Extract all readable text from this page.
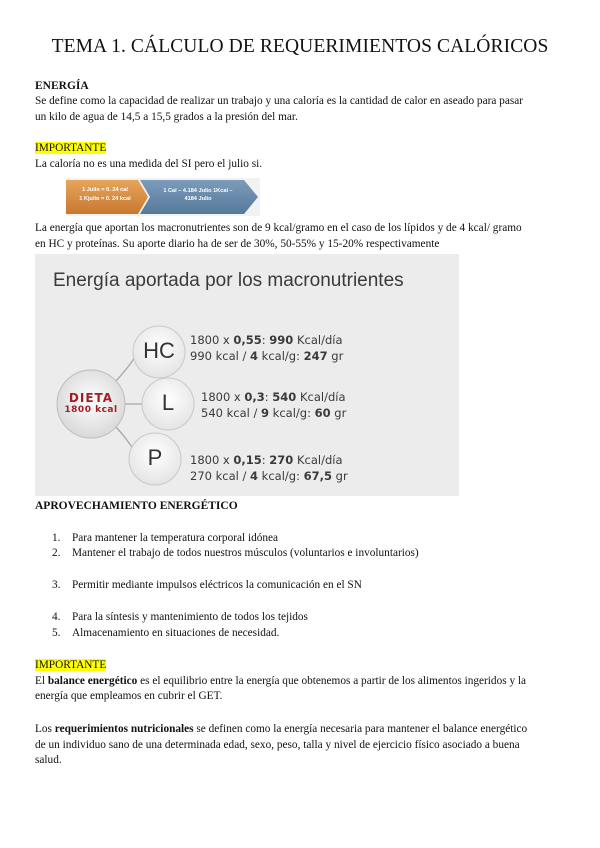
TEMA 1. CÁLCULO DE REQUERIMIENTOS CALÓRICOS
ENERGÍA
Se define como la capacidad de realizar un trabajo y una caloría es la cantidad de calor en aseado para pasar
un kilo de agua de 14,5 a 15,5 grados a la presión del mar.
IMPORTANTE
La caloría no es una medida del SI pero el julio si.
1 Julio = 0. 24 cal
1 Kjulio = 0. 24 kcal
1 Cal – 4.184 Julio 1Kcal –
4184 Julio
La energía que aportan los macronutrientes son de 9 kcal/gramo en el caso de los lípidos y de 4 kcal/ gramo
en HC y proteínas. Su aporte diario ha de ser de 30%, 50-55% y 15-20% respectivamente
Energía aportada por los macronutrientes
DIETA
1800 kcal
HC
L
P
1800 x 0,55: 990 Kcal/día
990 kcal / 4 kcal/g: 247 gr
1800 x 0,3: 540 Kcal/día
540 kcal / 9 kcal/g: 60 gr
1800 x 0,15: 270 Kcal/día
270 kcal / 4 kcal/g: 67,5 gr
APROVECHAMIENTO ENERGÉTICO
1. Para mantener la temperatura corporal idónea
2. Mantener el trabajo de todos nuestros músculos (voluntarios e involuntarios)
3. Permitir mediante impulsos eléctricos la comunicación en el SN
4. Para la síntesis y mantenimiento de todos los tejidos
5. Almacenamiento en situaciones de necesidad.
IMPORTANTE
El balance energético es el equilibrio entre la energía que obtenemos a partir de los alimentos ingeridos y la
energía que empleamos en cubrir el GET.
Los requerimientos nutricionales se definen como la energía necesaria para mantener el balance energético
de un individuo sano de una determinada edad, sexo, peso, talla y nivel de ejercicio físico asociado a buena
salud.
